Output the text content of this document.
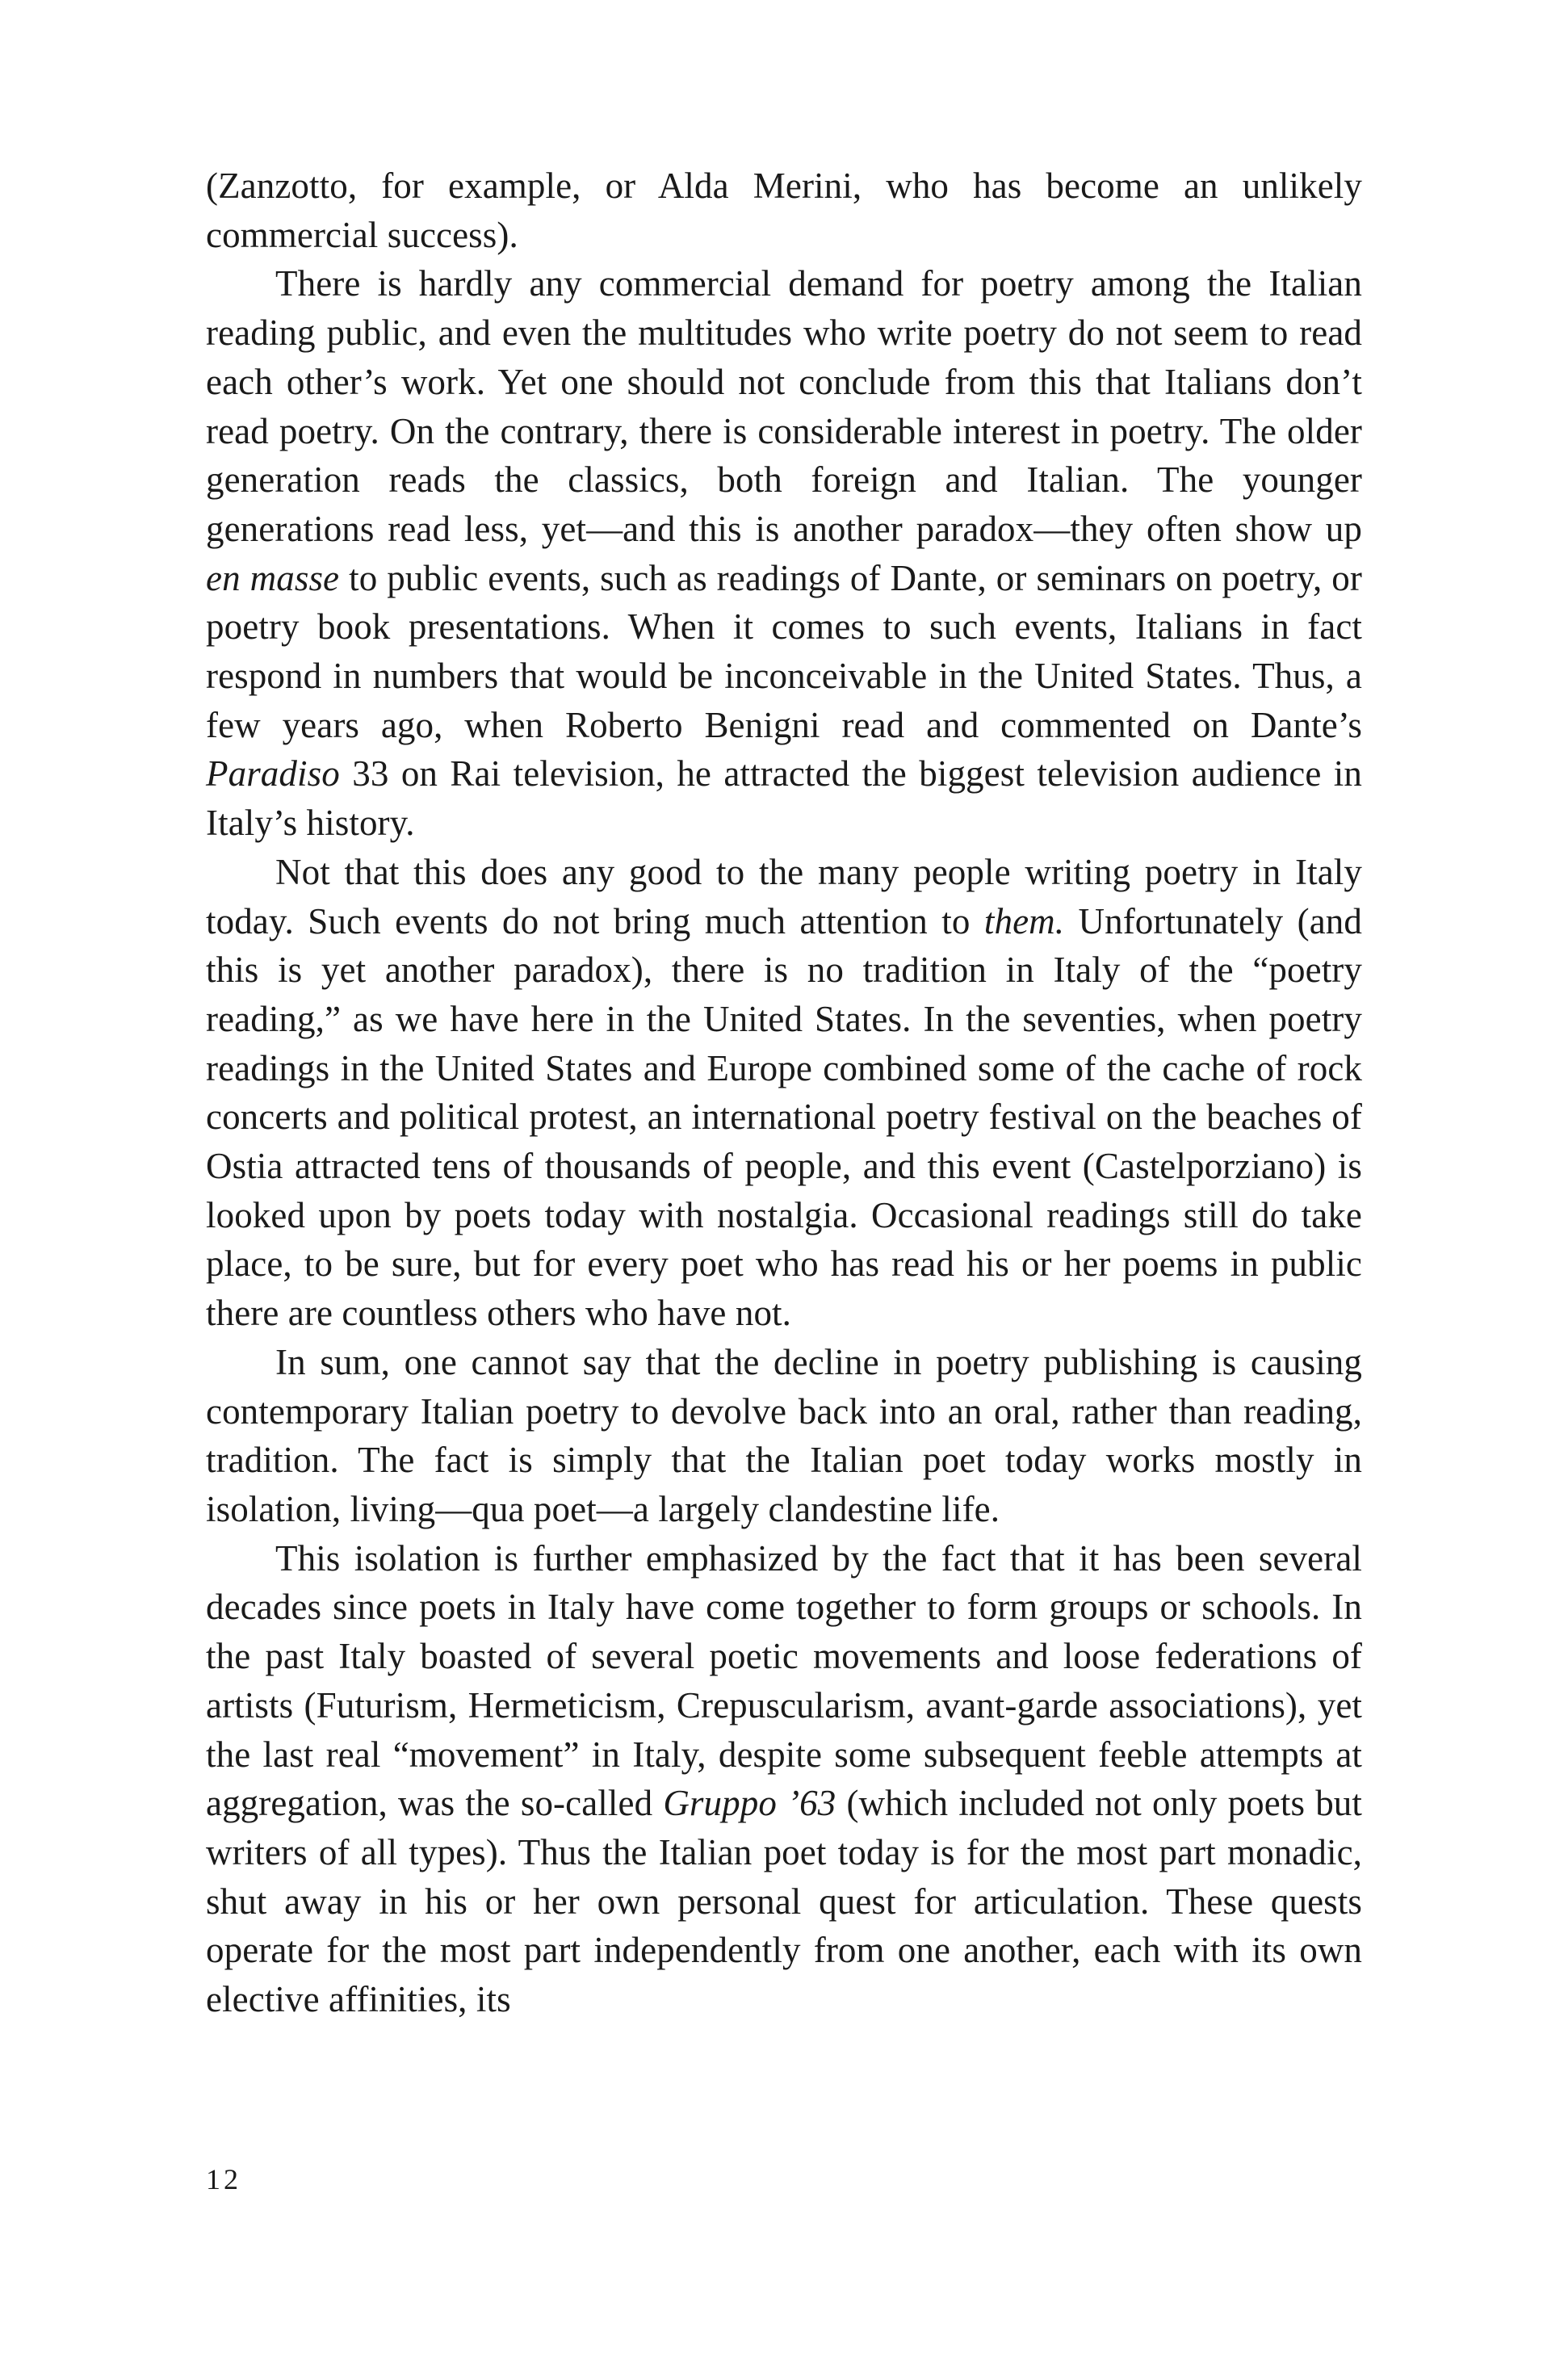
(Zanzotto, for example, or Alda Merini, who has become an unlikely commercial success).

There is hardly any commercial demand for poetry among the Italian reading public, and even the multitudes who write poetry do not seem to read each other’s work. Yet one should not conclude from this that Italians don’t read poetry. On the contrary, there is considerable interest in poetry. The older generation reads the classics, both foreign and Italian. The younger generations read less, yet—and this is another paradox—they often show up en masse to public events, such as readings of Dante, or seminars on poetry, or poetry book presentations. When it comes to such events, Italians in fact respond in numbers that would be inconceivable in the United States. Thus, a few years ago, when Roberto Benigni read and commented on Dante’s Paradiso 33 on Rai television, he attracted the biggest television audience in Italy’s history.

Not that this does any good to the many people writing poetry in Italy today. Such events do not bring much attention to them. Unfortunately (and this is yet another paradox), there is no tradition in Italy of the “poetry reading,” as we have here in the United States. In the seventies, when poetry readings in the United States and Europe combined some of the cache of rock concerts and political protest, an international poetry festival on the beaches of Ostia attracted tens of thousands of people, and this event (Castelporziano) is looked upon by poets today with nostalgia. Occasional readings still do take place, to be sure, but for every poet who has read his or her poems in public there are countless others who have not.

In sum, one cannot say that the decline in poetry publishing is causing contemporary Italian poetry to devolve back into an oral, rather than reading, tradition. The fact is simply that the Italian poet today works mostly in isolation, living—qua poet—a largely clandestine life.

This isolation is further emphasized by the fact that it has been several decades since poets in Italy have come together to form groups or schools. In the past Italy boasted of several poetic movements and loose federations of artists (Futurism, Hermeticism, Crepuscularism, avant-garde associations), yet the last real “movement” in Italy, despite some subsequent feeble attempts at aggregation, was the so-called Gruppo ’63 (which included not only poets but writers of all types). Thus the Italian poet today is for the most part monadic, shut away in his or her own personal quest for articulation. These quests operate for the most part independently from one another, each with its own elective affinities, its

12
